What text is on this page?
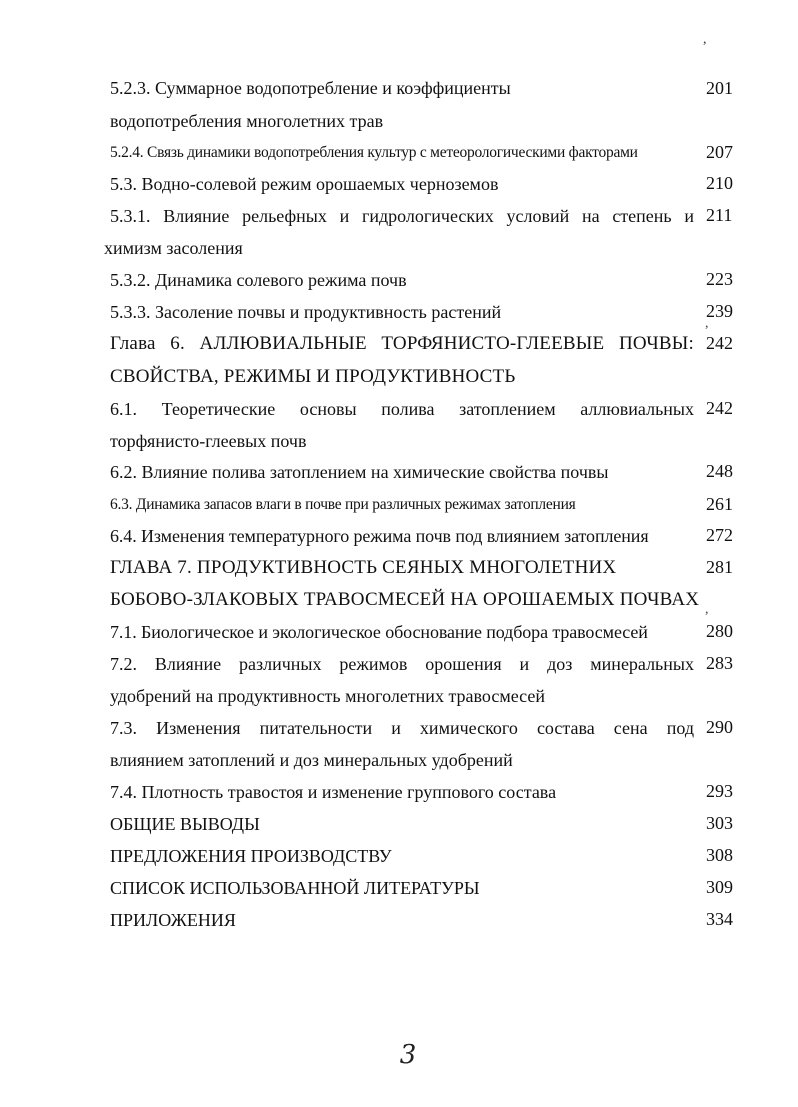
,
5.2.3. Суммарное водопотребление и коэффициенты	201
водопотребления многолетних трав
5.2.4. Связь динамики водопотребления культур с метеорологическими факторами	207
5.3. Водно-солевой режим орошаемых черноземов	210
5.3.1. Влияние рельефных и гидрологических условий на степень и 211
химизм засоления
5.3.2. Динамика солевого режима почв	223
5.3.3. Засоление почвы и продуктивность растений	239
,
Глава 6. АЛЛЮВИАЛЬНЫЕ ТОРФЯНИСТО-ГЛЕЕВЫЕ ПОЧВЫ: 242
СВОЙСТВА, РЕЖИМЫ И ПРОДУКТИВНОСТЬ
6.1. Теоретические основы полива затоплением аллювиальных 242
торфянисто-глеевых почв
6.2. Влияние полива затоплением на химические свойства почвы	248
6.3. Динамика запасов влаги в почве при различных режимах затопления	261
6.4. Изменения температурного режима почв под влиянием затопления	272
ГЛАВА 7. ПРОДУКТИВНОСТЬ СЕЯНЫХ МНОГОЛЕТНИХ	281
БОБОВО-ЗЛАКОВЫХ ТРАВОСМЕСЕЙ НА ОРОШАЕМЫХ ПОЧВАХ ,
7.1. Биологическое и экологическое обоснование подбора травосмесей	280
7.2. Влияние различных режимов орошения и доз минеральных 283
удобрений на продуктивность многолетних травосмесей
7.3. Изменения питательности и химического состава сена под 290
влиянием затоплений и доз минеральных удобрений
7.4. Плотность травостоя и изменение группового состава	293
ОБЩИЕ ВЫВОДЫ	303
ПРЕДЛОЖЕНИЯ ПРОИЗВОДСТВУ	308
СПИСОК ИСПОЛЬЗОВАННОЙ ЛИТЕРАТУРЫ	309
ПРИЛОЖЕНИЯ	334
3
